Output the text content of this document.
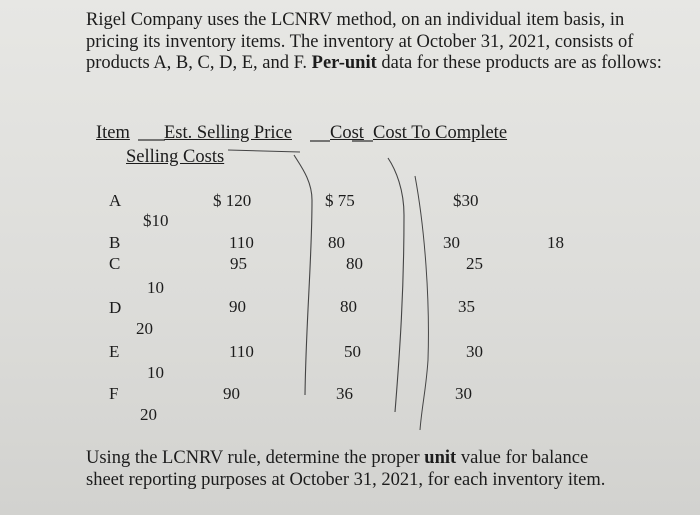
Rigel Company uses the LCNRV method, on an individual item basis, in pricing its inventory items. The inventory at October 31, 2021, consists of products A, B, C, D, E, and F. Per-unit data for these products are as follows:
Item Est. Selling Price Cost Cost To Complete
Selling Costs
A
B
C
D
E
F
$10
10
20
10
20
$ 120
110
95
90
110
90
$ 75
80
80
80
50
36
$30
30
25
35
30
30
18
Using the LCNRV rule, determine the proper unit value for balance sheet reporting purposes at October 31, 2021, for each inventory item.
